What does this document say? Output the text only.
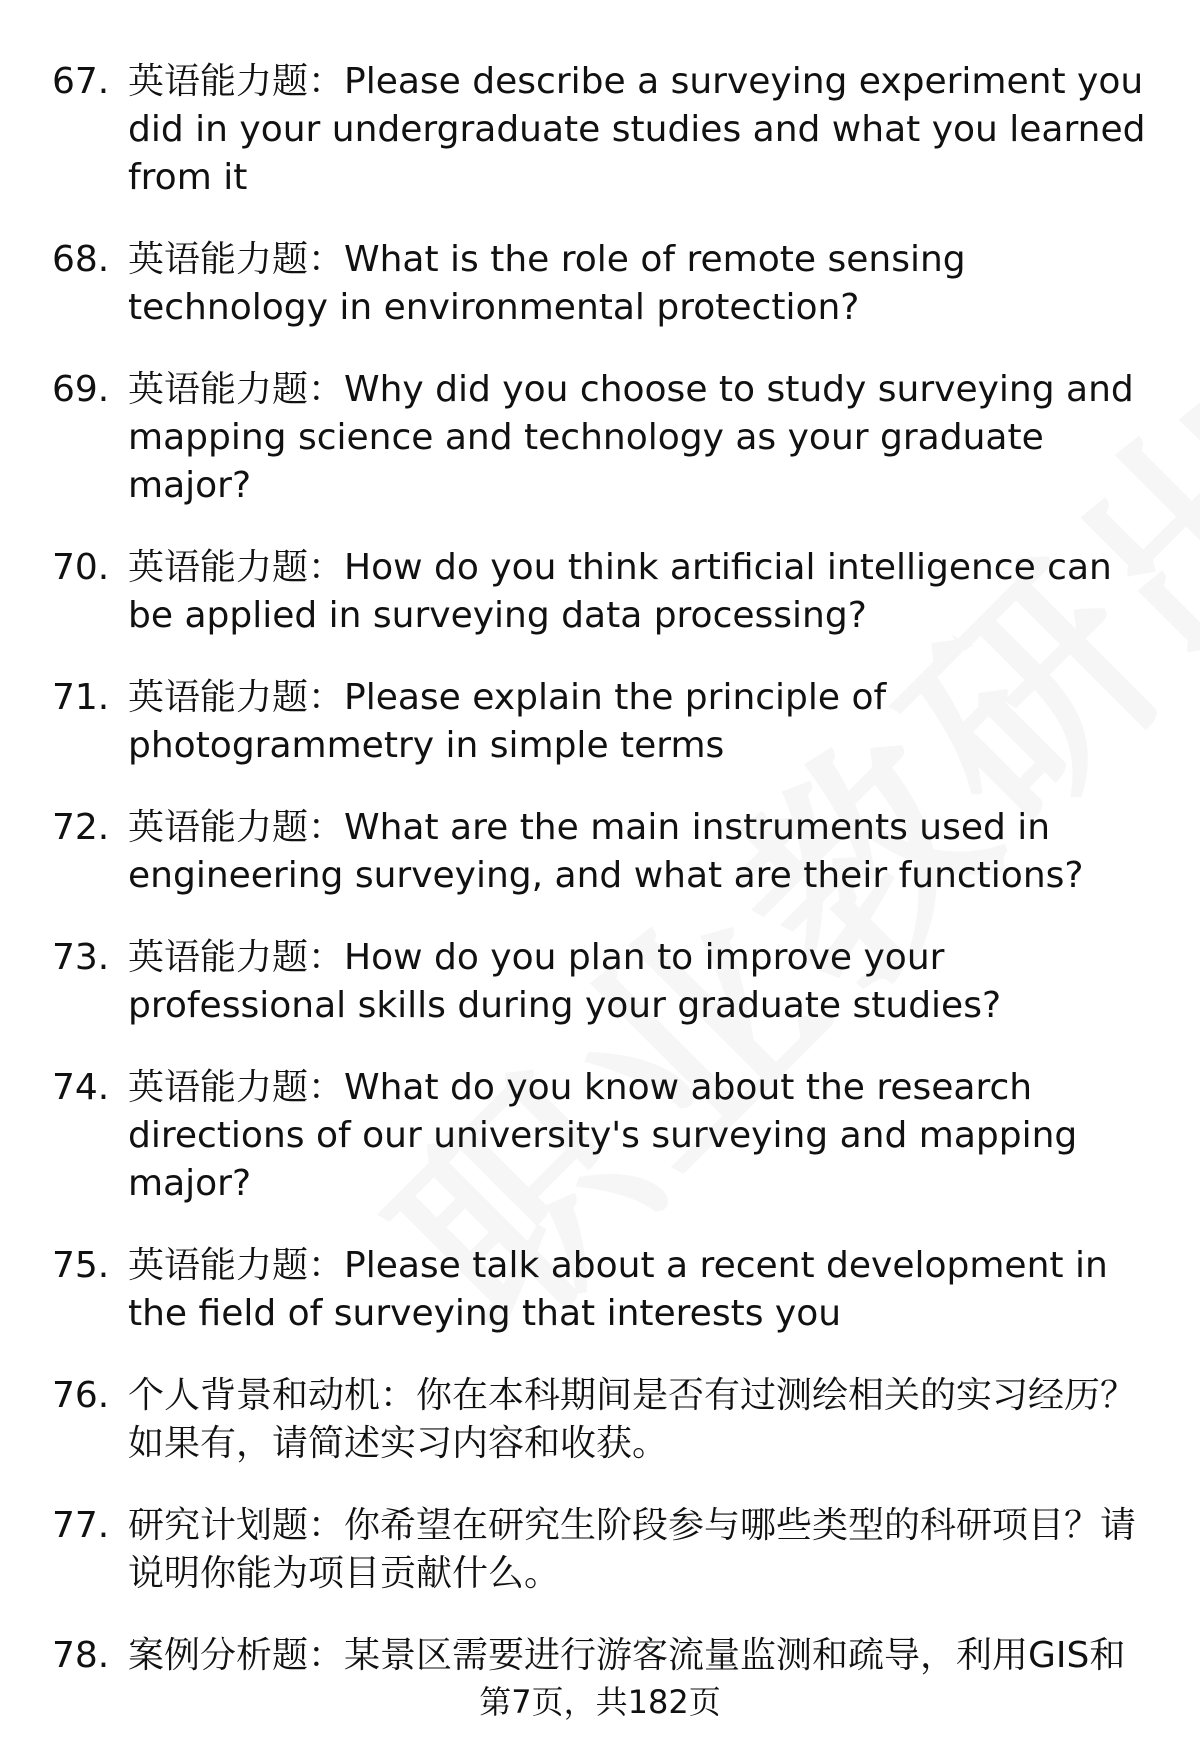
67. 英语能力题：Please describe a surveying experiment you did in your undergraduate studies and what you learned from it
68. 英语能力题：What is the role of remote sensing technology in environmental protection?
69. 英语能力题：Why did you choose to study surveying and mapping science and technology as your graduate major?
70. 英语能力题：How do you think artificial intelligence can be applied in surveying data processing?
71. 英语能力题：Please explain the principle of photogrammetry in simple terms
72. 英语能力题：What are the main instruments used in engineering surveying, and what are their functions?
73. 英语能力题：How do you plan to improve your professional skills during your graduate studies?
74. 英语能力题：What do you know about the research directions of our university's surveying and mapping major?
75. 英语能力题：Please talk about a recent development in the field of surveying that interests you
76. 个人背景和动机：你在本科期间是否有过测绘相关的实习经历？如果有，请简述实习内容和收获。
77. 研究计划题：你希望在研究生阶段参与哪些类型的科研项目？请说明你能为项目贡献什么。
78. 案例分析题：某景区需要进行游客流量监测和疏导，利用GIS和
第7页，共182页
